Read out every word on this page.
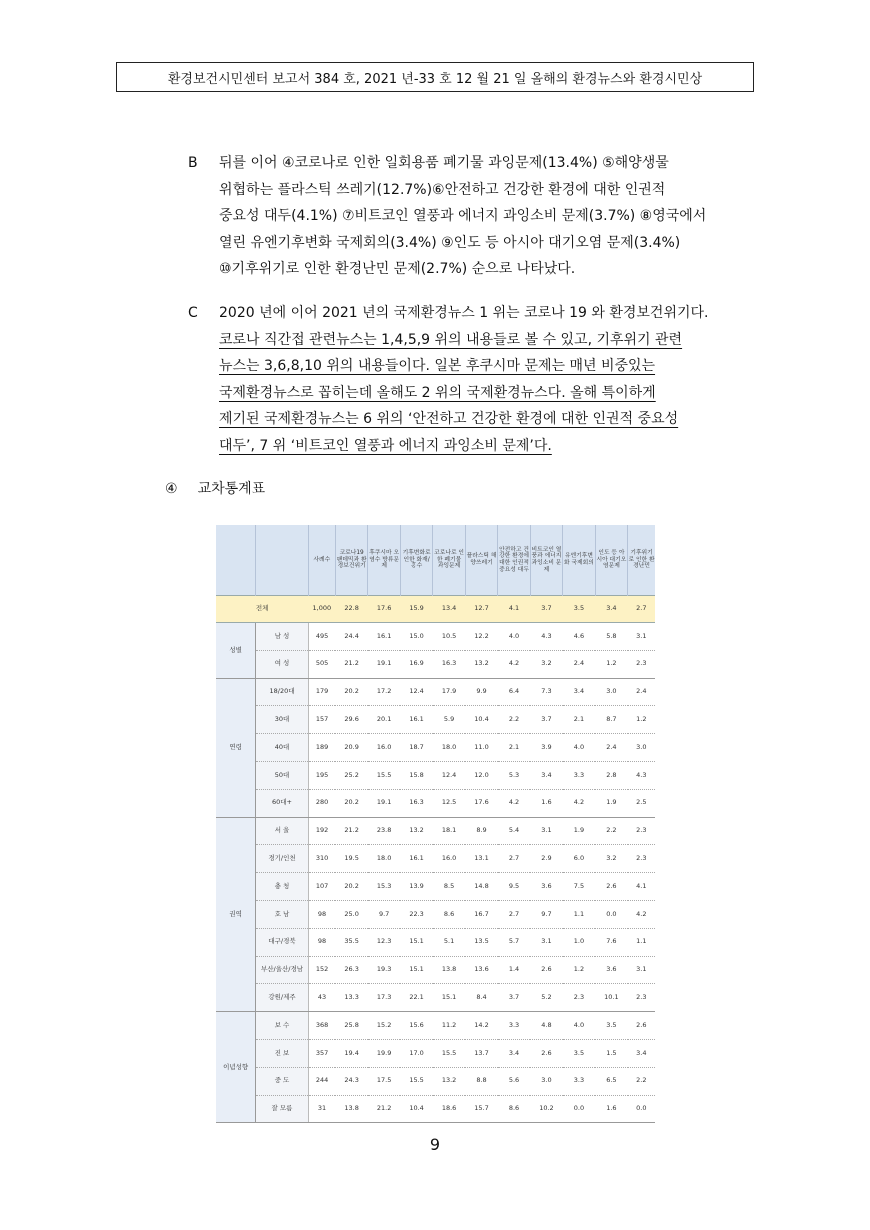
환경보건시민센터 보고서 384 호, 2021 년-33 호 12 월 21 일 올해의 환경뉴스와 환경시민상
B	뒤를 이어 ④코로나로 인한 일회용품 폐기물 과잉문제(13.4%) ⑤해양생물
위협하는 플라스틱 쓰레기(12.7%)⑥안전하고 건강한 환경에 대한 인권적
중요성 대두(4.1%) ⑦비트코인 열풍과 에너지 과잉소비 문제(3.7%) ⑧영국에서
열린 유엔기후변화 국제회의(3.4%) ⑨인도 등 아시아 대기오염 문제(3.4%)
⑩기후위기로 인한 환경난민 문제(2.7%) 순으로 나타났다.
C	2020 년에 이어 2021 년의 국제환경뉴스 1 위는 코로나 19 와 환경보건위기다.
코로나 직간접 관련뉴스는 1,4,5,9 위의 내용들로 볼 수 있고, 기후위기 관련
뉴스는 3,6,8,10 위의 내용들이다. 일본 후쿠시마 문제는 매년 비중있는
국제환경뉴스로 꼽히는데 올해도 2 위의 국제환경뉴스다. 올해 특이하게
제기된 국제환경뉴스는 6 위의 ‘안전하고 건강한 환경에 대한 인권적 중요성
대두’, 7 위 ‘비트코인 열풍과 에너지 과잉소비 문제’다.
④ 교차통계표
		사례수	코로나19 팬데믹과 환경보건위기	후쿠시마 오염수 방류문제	기후변화로 인한 화재/홍수	코로나로 인한 폐기물 과잉문제	플라스틱 해양쓰레기	안전하고 건강한 환경에 대한 인권적 중요성 대두	비트코인 열풍과 에너지 과잉소비 문제	유엔기후변화 국제회의	인도 등 아시아 대기오염문제	기후위기로 인한 환경난민
전체		1,000	22.8	17.6	15.9	13.4	12.7	4.1	3.7	3.5	3.4	2.7
성별	남 성	495	24.4	16.1	15.0	10.5	12.2	4.0	4.3	4.6	5.8	3.1
	여 성	505	21.2	19.1	16.9	16.3	13.2	4.2	3.2	2.4	1.2	2.3
연령	18/20대	179	20.2	17.2	12.4	17.9	9.9	6.4	7.3	3.4	3.0	2.4
	30대	157	29.6	20.1	16.1	5.9	10.4	2.2	3.7	2.1	8.7	1.2
	40대	189	20.9	16.0	18.7	18.0	11.0	2.1	3.9	4.0	2.4	3.0
	50대	195	25.2	15.5	15.8	12.4	12.0	5.3	3.4	3.3	2.8	4.3
	60대+	280	20.2	19.1	16.3	12.5	17.6	4.2	1.6	4.2	1.9	2.5
권역	서 울	192	21.2	23.8	13.2	18.1	8.9	5.4	3.1	1.9	2.2	2.3
	경기/인천	310	19.5	18.0	16.1	16.0	13.1	2.7	2.9	6.0	3.2	2.3
	충 청	107	20.2	15.3	13.9	8.5	14.8	9.5	3.6	7.5	2.6	4.1
	호 남	98	25.0	9.7	22.3	8.6	16.7	2.7	9.7	1.1	0.0	4.2
	대구/경북	98	35.5	12.3	15.1	5.1	13.5	5.7	3.1	1.0	7.6	1.1
	부산/울산/경남	152	26.3	19.3	15.1	13.8	13.6	1.4	2.6	1.2	3.6	3.1
	강원/제주	43	13.3	17.3	22.1	15.1	8.4	3.7	5.2	2.3	10.1	2.3
이념성향	보 수	368	25.8	15.2	15.6	11.2	14.2	3.3	4.8	4.0	3.5	2.6
	진 보	357	19.4	19.9	17.0	15.5	13.7	3.4	2.6	3.5	1.5	3.4
	중 도	244	24.3	17.5	15.5	13.2	8.8	5.6	3.0	3.3	6.5	2.2
	잘 모름	31	13.8	21.2	10.4	18.6	15.7	8.6	10.2	0.0	1.6	0.0
9
